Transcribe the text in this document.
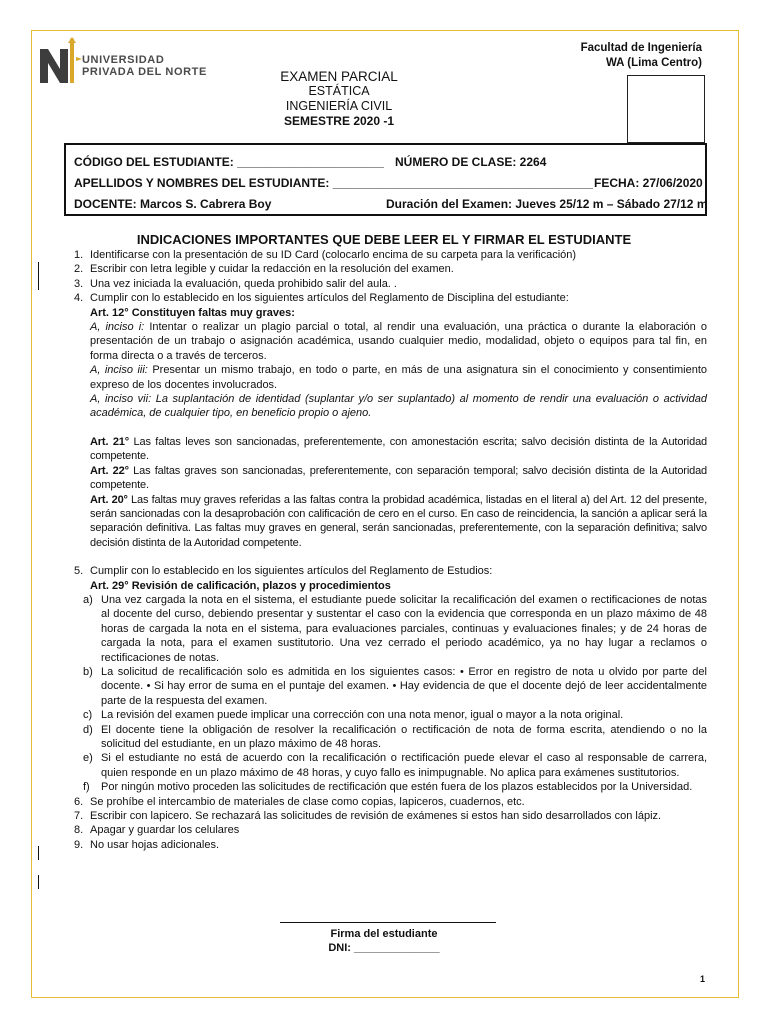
UNIVERSIDAD
PRIVADA DEL NORTE
Facultad de Ingeniería
WA (Lima Centro)
EXAMEN PARCIAL
ESTÁTICA
INGENIERÍA CIVIL
SEMESTRE 2020 -1
CÓDIGO DEL ESTUDIANTE: ______________________ NÚMERO DE CLASE: 2264
APELLIDOS Y NOMBRES DEL ESTUDIANTE: _______________________________________ FECHA: 27/06/2020
DOCENTE: Marcos S. Cabrera Boy	Duración del Examen: Jueves 25/12 m – Sábado 27/12 m
INDICACIONES IMPORTANTES QUE DEBE LEER EL Y FIRMAR EL ESTUDIANTE
1. Identificarse con la presentación de su ID Card (colocarlo encima de su carpeta para la verificación)
2. Escribir con letra legible y cuidar la redacción en la resolución del examen.
3. Una vez iniciada la evaluación, queda prohibido salir del aula. .
4. Cumplir con lo establecido en los siguientes artículos del Reglamento de Disciplina del estudiante:
Art. 12° Constituyen faltas muy graves:
A, inciso i: Intentar o realizar un plagio parcial o total, al rendir una evaluación, una práctica o durante la elaboración o presentación de un trabajo o asignación académica, usando cualquier medio, modalidad, objeto o equipos para tal fin, en forma directa o a través de terceros.
A, inciso iii: Presentar un mismo trabajo, en todo o parte, en más de una asignatura sin el conocimiento y consentimiento expreso de los docentes involucrados.
A, inciso vii: La suplantación de identidad (suplantar y/o ser suplantado) al momento de rendir una evaluación o actividad académica, de cualquier tipo, en beneficio propio o ajeno.
Art. 21° Las faltas leves son sancionadas, preferentemente, con amonestación escrita; salvo decisión distinta de la Autoridad competente.
Art. 22° Las faltas graves son sancionadas, preferentemente, con separación temporal; salvo decisión distinta de la Autoridad competente.
Art. 20° Las faltas muy graves referidas a las faltas contra la probidad académica, listadas en el literal a) del Art. 12 del presente, serán sancionadas con la desaprobación con calificación de cero en el curso. En caso de reincidencia, la sanción a aplicar será la separación definitiva. Las faltas muy graves en general, serán sancionadas, preferentemente, con la separación definitiva; salvo decisión distinta de la Autoridad competente.
5. Cumplir con lo establecido en los siguientes artículos del Reglamento de Estudios:
Art. 29° Revisión de calificación, plazos y procedimientos
a) Una vez cargada la nota en el sistema, el estudiante puede solicitar la recalificación del examen o rectificaciones de notas al docente del curso, debiendo presentar y sustentar el caso con la evidencia que corresponda en un plazo máximo de 48 horas de cargada la nota en el sistema, para evaluaciones parciales, continuas y evaluaciones finales; y de 24 horas de cargada la nota, para el examen sustitutorio. Una vez cerrado el periodo académico, ya no hay lugar a reclamos o rectificaciones de notas.
b) La solicitud de recalificación solo es admitida en los siguientes casos: • Error en registro de nota u olvido por parte del docente. • Si hay error de suma en el puntaje del examen. • Hay evidencia de que el docente dejó de leer accidentalmente parte de la respuesta del examen.
c) La revisión del examen puede implicar una corrección con una nota menor, igual o mayor a la nota original.
d) El docente tiene la obligación de resolver la recalificación o rectificación de nota de forma escrita, atendiendo o no la solicitud del estudiante, en un plazo máximo de 48 horas.
e) Si el estudiante no está de acuerdo con la recalificación o rectificación puede elevar el caso al responsable de carrera, quien responde en un plazo máximo de 48 horas, y cuyo fallo es inimpugnable. No aplica para exámenes sustitutorios.
f) Por ningún motivo proceden las solicitudes de rectificación que estén fuera de los plazos establecidos por la Universidad.
6. Se prohíbe el intercambio de materiales de clase como copias, lapiceros, cuadernos, etc.
7. Escribir con lapicero. Se rechazará las solicitudes de revisión de exámenes si estos han sido desarrollados con lápiz.
8. Apagar y guardar los celulares
9. No usar hojas adicionales.
Firma del estudiante
DNI: ______________
1
